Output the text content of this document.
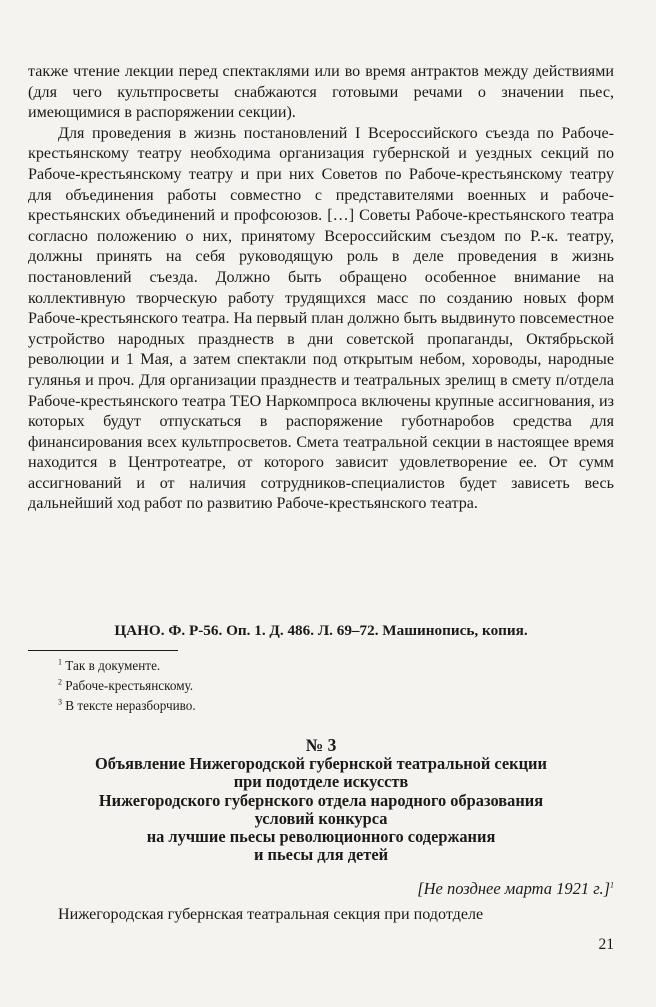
также чтение лекции перед спектаклями или во время антрактов между действиями (для чего культпросветы снабжаются готовыми речами о значении пьес, имеющимися в распоряжении секции).

Для проведения в жизнь постановлений I Всероссийского съезда по Рабоче-крестьянскому театру необходима организация губернской и уездных секций по Рабоче-крестьянскому театру и при них Советов по Рабоче-крестьянскому театру для объединения работы совместно с представителями военных и рабоче-крестьянских объединений и профсоюзов. […] Советы Рабоче-крестьянского театра согласно положению о них, принятому Всероссийским съездом по Р.-к. театру, должны принять на себя руководящую роль в деле проведения в жизнь постановлений съезда. Должно быть обращено особенное внимание на коллективную творческую работу трудящихся масс по созданию новых форм Рабоче-крестьянского театра. На первый план должно быть выдвинуто повсеместное устройство народных празднеств в дни советской пропаганды, Октябрьской революции и 1 Мая, а затем спектакли под открытым небом, хороводы, народные гулянья и проч. Для организации празднеств и театральных зрелищ в смету п/отдела Рабоче-крестьянского театра ТЕО Наркомпроса включены крупные ассигнования, из которых будут отпускаться в распоряжение губотнаробов средства для финансирования всех культпросветов. Смета театральной секции в настоящее время находится в Центротеатре, от которого зависит удовлетворение ее. От сумм ассигнований и от наличия сотрудников-специалистов будет зависеть весь дальнейший ход работ по развитию Рабоче-крестьянского театра.

ЦАНО. Ф. Р-56. Оп. 1. Д. 486. Л. 69–72. Машинопись, копия.
$^1$ Так в документе.
$^2$ Рабоче-крестьянскому.
$^3$ В тексте неразборчиво.
№ 3
Объявление Нижегородской губернской театральной секции
при подотделе искусств
Нижегородского губернского отдела народного образования
условий конкурса
на лучшие пьесы революционного содержания
и пьесы для детей
[Не позднее марта 1921 г.]$^1$
Нижегородская губернская театральная секция при подотделе
21
